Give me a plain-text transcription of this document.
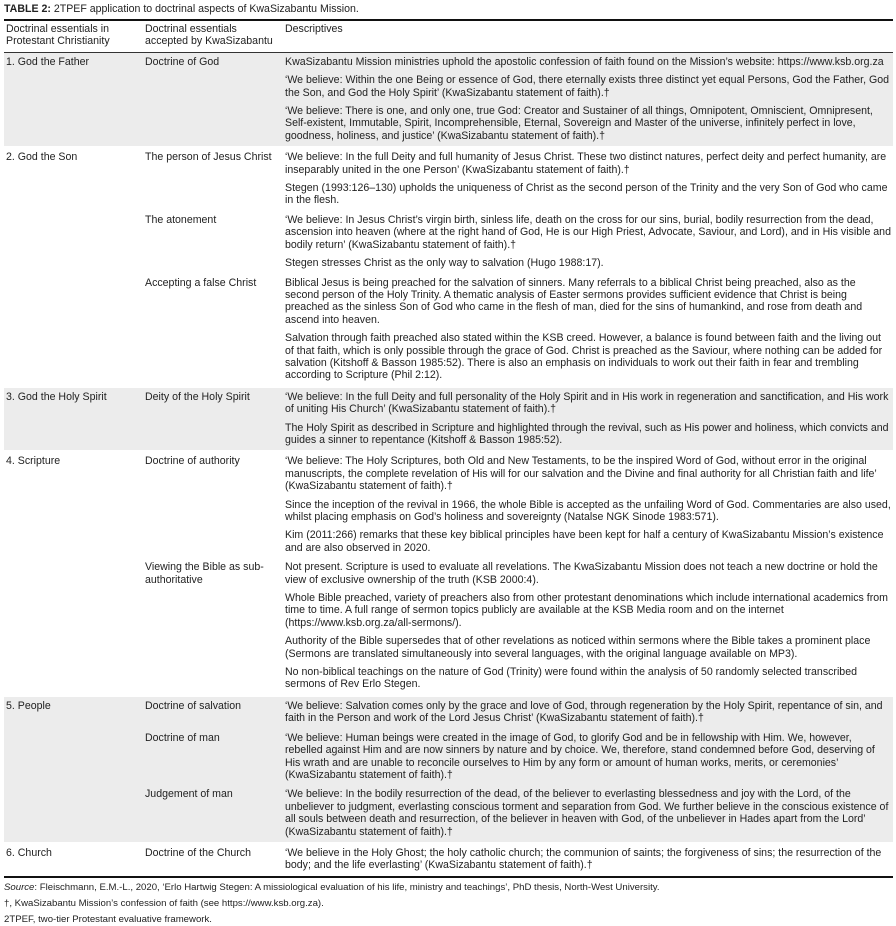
TABLE 2: 2TPEF application to doctrinal aspects of KwaSizabantu Mission.
Doctrinal essentials in Protestant Christianity	Doctrinal essentials accepted by KwaSizabantu	Descriptives
1. God the Father	Doctrine of God	KwaSizabantu Mission ministries uphold the apostolic confession of faith found on the Mission’s website: https://www.ksb.org.za

‘We believe: Within the one Being or essence of God, there eternally exists three distinct yet equal Persons, God the Father, God the Son, and God the Holy Spirit’ (KwaSizabantu statement of faith).†

‘We believe: There is one, and only one, true God: Creator and Sustainer of all things, Omnipotent, Omniscient, Omnipresent, Self-existent, Immutable, Spirit, Incomprehensible, Eternal, Sovereign and Master of the universe, infinitely perfect in love, goodness, holiness, and justice’ (KwaSizabantu statement of faith).†

2. God the Son	The person of Jesus Christ	‘We believe: In the full Deity and full humanity of Jesus Christ. These two distinct natures, perfect deity and perfect humanity, are inseparably united in the one Person’ (KwaSizabantu statement of faith).†

Stegen (1993:126–130) upholds the uniqueness of Christ as the second person of the Trinity and the very Son of God who came in the flesh.

	The atonement	‘We believe: In Jesus Christ’s virgin birth, sinless life, death on the cross for our sins, burial, bodily resurrection from the dead, ascension into heaven (where at the right hand of God, He is our High Priest, Advocate, Saviour, and Lord), and in His visible and bodily return’ (KwaSizabantu statement of faith).†

Stegen stresses Christ as the only way to salvation (Hugo 1988:17).

	Accepting a false Christ	Biblical Jesus is being preached for the salvation of sinners. Many referrals to a biblical Christ being preached, also as the second person of the Holy Trinity. A thematic analysis of Easter sermons provides sufficient evidence that Christ is being preached as the sinless Son of God who came in the flesh of man, died for the sins of humankind, and rose from death and ascend into heaven.

Salvation through faith preached also stated within the KSB creed. However, a balance is found between faith and the living out of that faith, which is only possible through the grace of God. Christ is preached as the Saviour, where nothing can be added for salvation (Kitshoff & Basson 1985:52). There is also an emphasis on individuals to work out their faith in fear and trembling according to Scripture (Phil 2:12).

3. God the Holy Spirit	Deity of the Holy Spirit	‘We believe: In the full Deity and full personality of the Holy Spirit and in His work in regeneration and sanctification, and His work of uniting His Church’ (KwaSizabantu statement of faith).†

The Holy Spirit as described in Scripture and highlighted through the revival, such as His power and holiness, which convicts and guides a sinner to repentance (Kitshoff & Basson 1985:52).

4. Scripture	Doctrine of authority	‘We believe: The Holy Scriptures, both Old and New Testaments, to be the inspired Word of God, without error in the original manuscripts, the complete revelation of His will for our salvation and the Divine and final authority for all Christian faith and life’ (KwaSizabantu statement of faith).†

Since the inception of the revival in 1966, the whole Bible is accepted as the unfailing Word of God. Commentaries are also used, whilst placing emphasis on God’s holiness and sovereignty (Natalse NGK Sinode 1983:571).

Kim (2011:266) remarks that these key biblical principles have been kept for half a century of KwaSizabantu Mission’s existence and are also observed in 2020.

	Viewing the Bible as sub-authoritative	Not present. Scripture is used to evaluate all revelations. The KwaSizabantu Mission does not teach a new doctrine or hold the view of exclusive ownership of the truth (KSB 2000:4).

Whole Bible preached, variety of preachers also from other protestant denominations which include international academics from time to time. A full range of sermon topics publicly are available at the KSB Media room and on the internet (https://www.ksb.org.za/all-sermons/).

Authority of the Bible supersedes that of other revelations as noticed within sermons where the Bible takes a prominent place (Sermons are translated simultaneously into several languages, with the original language available on MP3).

No non-biblical teachings on the nature of God (Trinity) were found within the analysis of 50 randomly selected transcribed sermons of Rev Erlo Stegen.

5. People	Doctrine of salvation	‘We believe: Salvation comes only by the grace and love of God, through regeneration by the Holy Spirit, repentance of sin, and faith in the Person and work of the Lord Jesus Christ’ (KwaSizabantu statement of faith).†

	Doctrine of man	‘We believe: Human beings were created in the image of God, to glorify God and be in fellowship with Him. We, however, rebelled against Him and are now sinners by nature and by choice. We, therefore, stand condemned before God, deserving of His wrath and are unable to reconcile ourselves to Him by any form or amount of human works, merits, or ceremonies’ (KwaSizabantu statement of faith).†

	Judgement of man	‘We believe: In the bodily resurrection of the dead, of the believer to everlasting blessedness and joy with the Lord, of the unbeliever to judgment, everlasting conscious torment and separation from God. We further believe in the conscious existence of all souls between death and resurrection, of the believer in heaven with God, of the unbeliever in Hades apart from the Lord’ (KwaSizabantu statement of faith).†

6. Church	Doctrine of the Church	‘We believe in the Holy Ghost; the holy catholic church; the communion of saints; the forgiveness of sins; the resurrection of the body; and the life everlasting’ (KwaSizabantu statement of faith).†

Source: Fleischmann, E.M.-L., 2020, ‘Erlo Hartwig Stegen: A missiological evaluation of his life, ministry and teachings’, PhD thesis, North-West University.
†, KwaSizabantu Mission’s confession of faith (see https://www.ksb.org.za).
2TPEF, two-tier Protestant evaluative framework.
